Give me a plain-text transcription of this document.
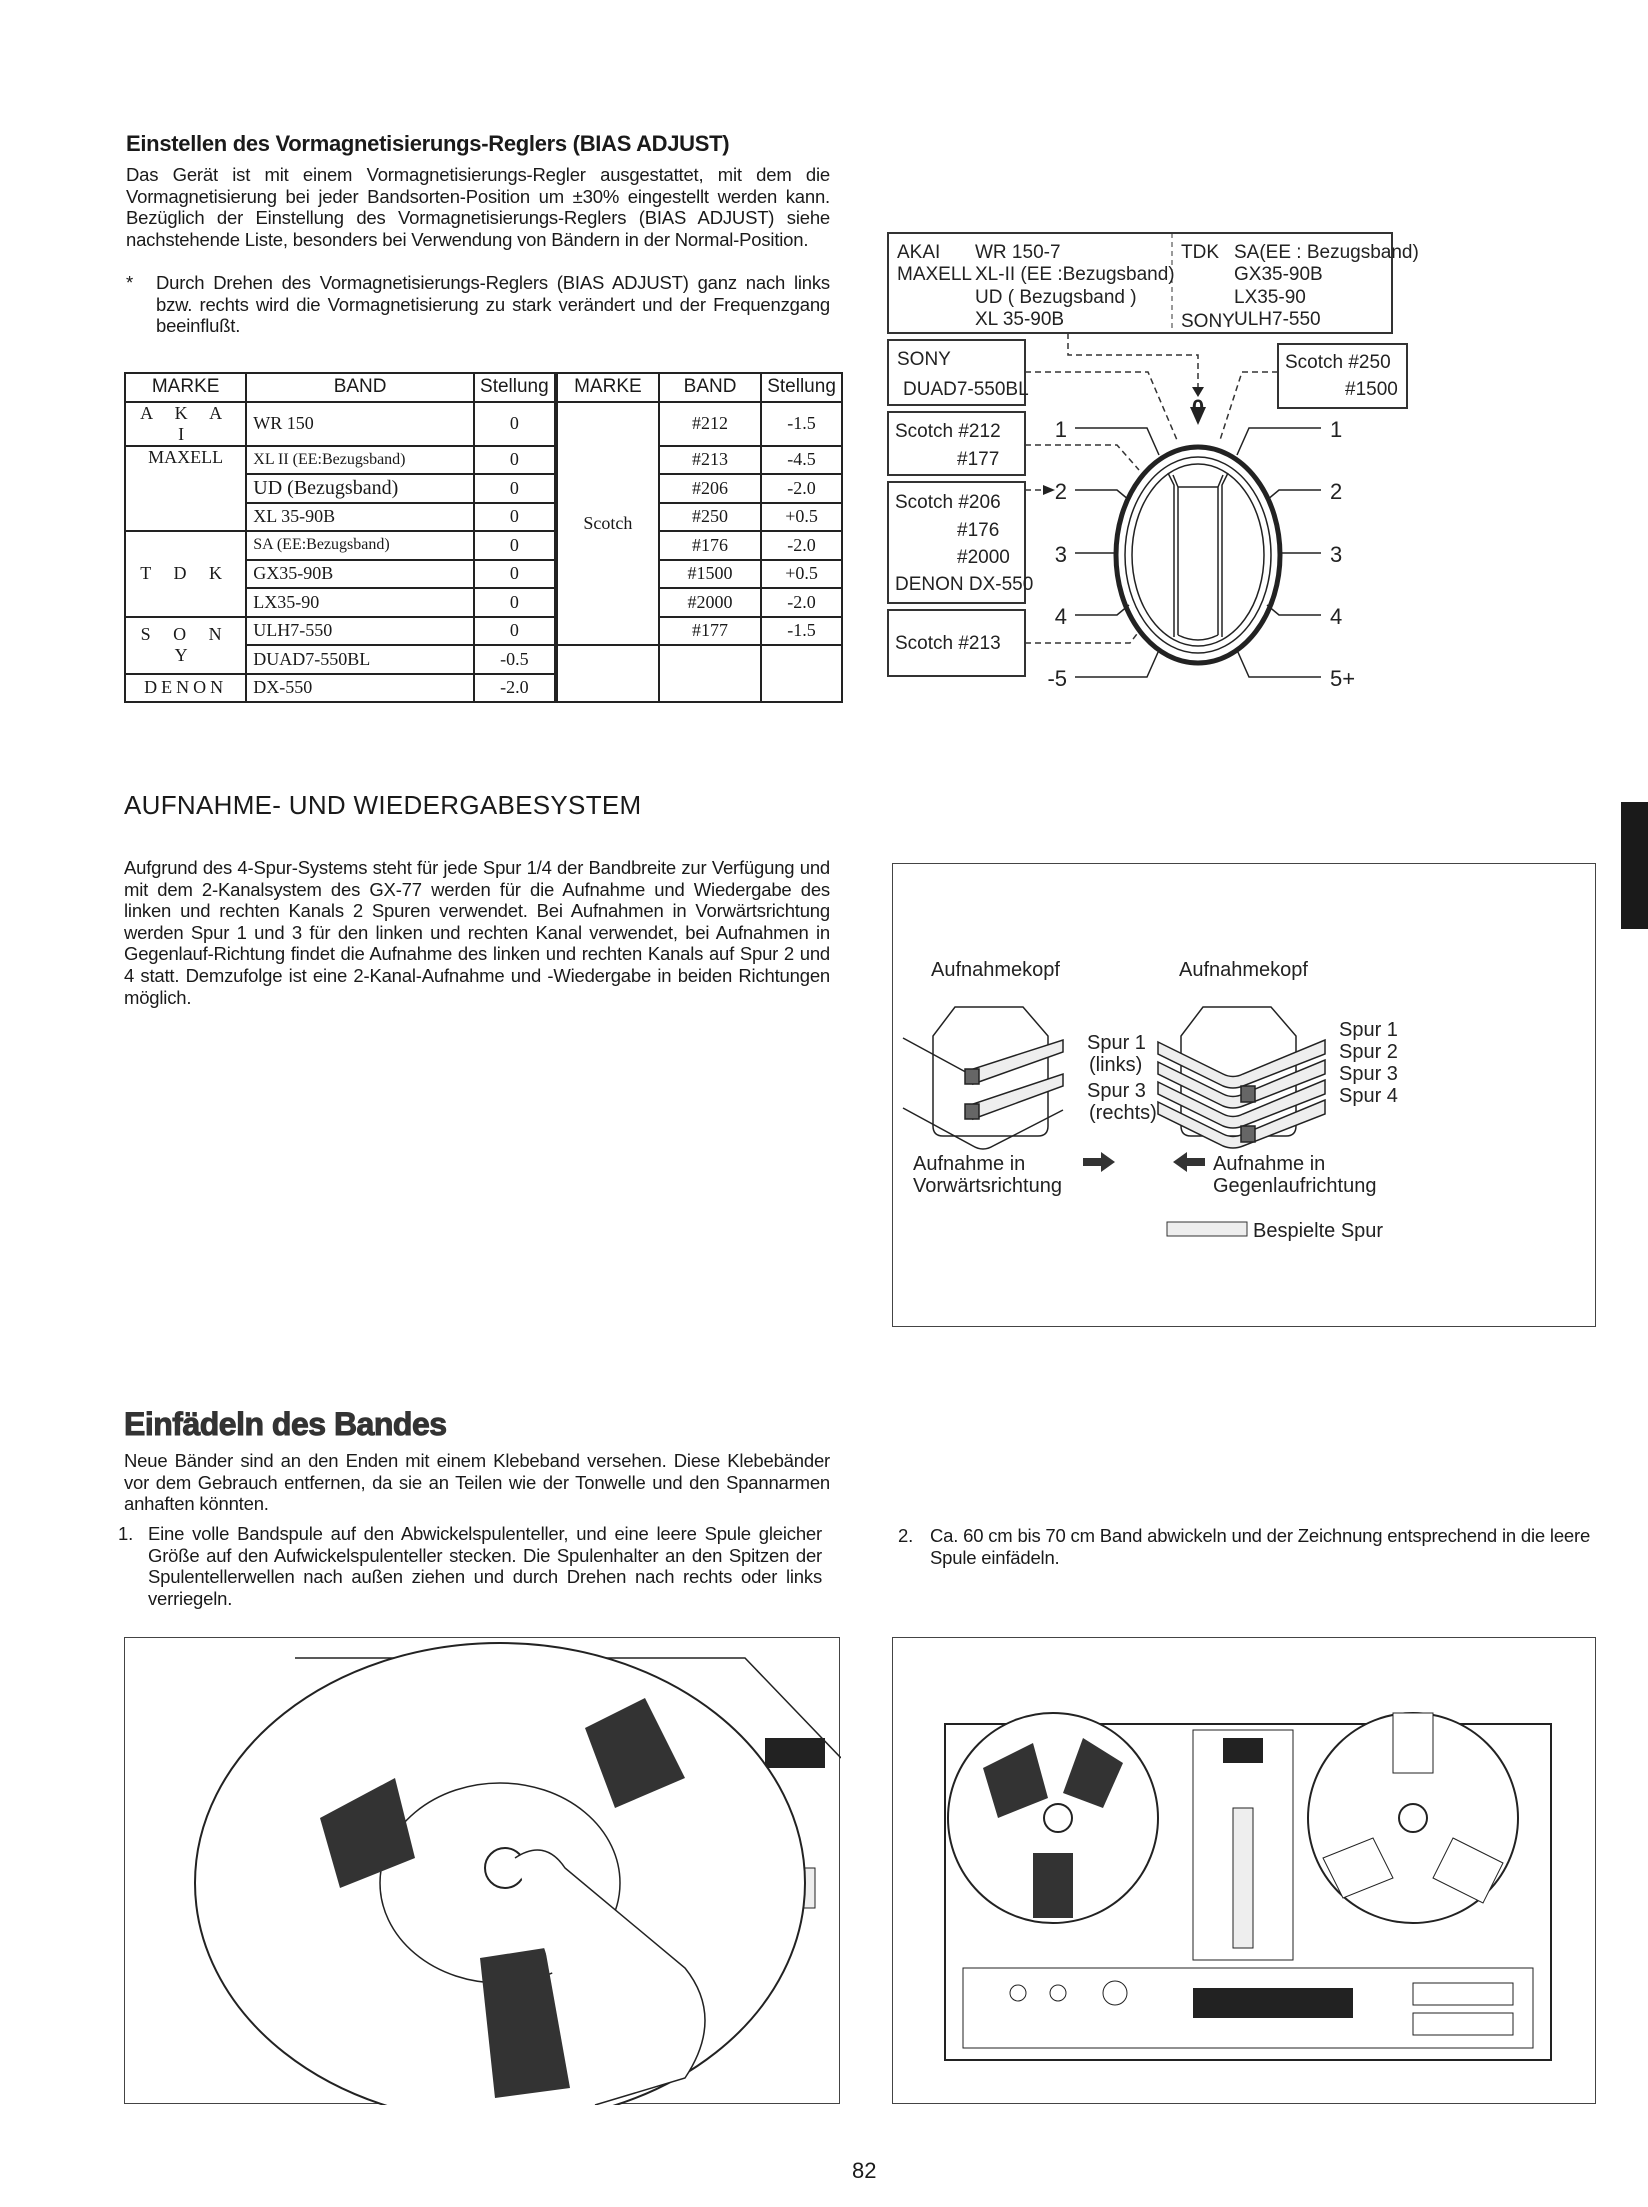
Einstellen des Vormagnetisierungs-Reglers (BIAS ADJUST)
Das Gerät ist mit einem Vormagnetisierungs-Regler ausgestattet, mit dem die Vormagnetisierung bei jeder Bandsorten-Position um ±30% eingestellt werden kann. Bezüglich der Einstellung des Vormagnetisierungs-Reglers (BIAS ADJUST) siehe nachstehende Liste, besonders bei Verwendung von Bändern in der Normal-Position.
*	Durch Drehen des Vormagnetisierungs-Reglers (BIAS ADJUST) ganz nach links bzw. rechts wird die Vormagnetisierung zu stark verändert und der Frequenzgang beeinflußt.
MARKE	BAND	Stellung	MARKE	BAND	Stellung
A K A I	WR 150	0	Scotch	#212	-1.5
MAXELL	XL II (EE:Bezugsband)	0		#213	-4.5
	UD (Bezugsband)	0		#206	-2.0
	XL 35-90B	0		#250	+0.5
T D K	SA (EE:Bezugsband)	0		#176	-2.0
	GX35-90B	0		#1500	+0.5
	LX35-90	0		#2000	-2.0
S O N Y	ULH7-550	0		#177	-1.5
	DUAD7-550BL	-0.5			
DENON	DX-550	-2.0			
AKAI
MAXELL
WR 150-7
XL-II (EE :Bezugsband)
UD ( Bezugsband )
XL 35-90B
TDK
SONY
SA(EE : Bezugsband)
GX35-90B
LX35-90
ULH7-550
SONY
DUAD7-550BL
Scotch #212
#177
Scotch #206
#176
#2000
DENON DX-550
Scotch #213
Scotch #250
#1500
0
1
2
3
4
-5
1
2
3
4
5+
AUFNAHME- UND WIEDERGABESYSTEM
Aufgrund des 4-Spur-Systems steht für jede Spur 1/4 der Bandbreite zur Verfügung und mit dem 2-Kanalsystem des GX-77 werden für die Aufnahme und Wiedergabe des linken und rechten Kanals 2 Spuren verwendet. Bei Aufnahmen in Vorwärtsrichtung werden Spur 1 und 3 für den linken und rechten Kanal verwendet, bei Aufnahmen in Gegenlauf-Richtung findet die Aufnahme des linken und rechten Kanals auf Spur 2 und 4 statt. Demzufolge ist eine 2-Kanal-Aufnahme und -Wiedergabe in beiden Richtungen möglich.
Aufnahmekopf	Aufnahmekopf
Spur 1
(links)
Spur 3
(rechts)
Spur 1
Spur 2
Spur 3
Spur 4
Aufnahme in
Vorwärtsrichtung
Aufnahme in
Gegenlaufrichtung
Bespielte Spur
Einfädeln des Bandes
Neue Bänder sind an den Enden mit einem Klebeband versehen. Diese Klebebänder vor dem Gebrauch entfernen, da sie an Teilen wie der Tonwelle und den Spannarmen anhaften könnten.
1. Eine volle Bandspule auf den Abwickelspulenteller, und eine leere Spule gleicher Größe auf den Aufwickelspulenteller stecken. Die Spulenhalter an den Spitzen der Spulentellerwellen nach außen ziehen und durch Drehen nach rechts oder links verriegeln.
2. Ca. 60 cm bis 70 cm Band abwickeln und der Zeichnung entsprechend in die leere Spule einfädeln.
82
